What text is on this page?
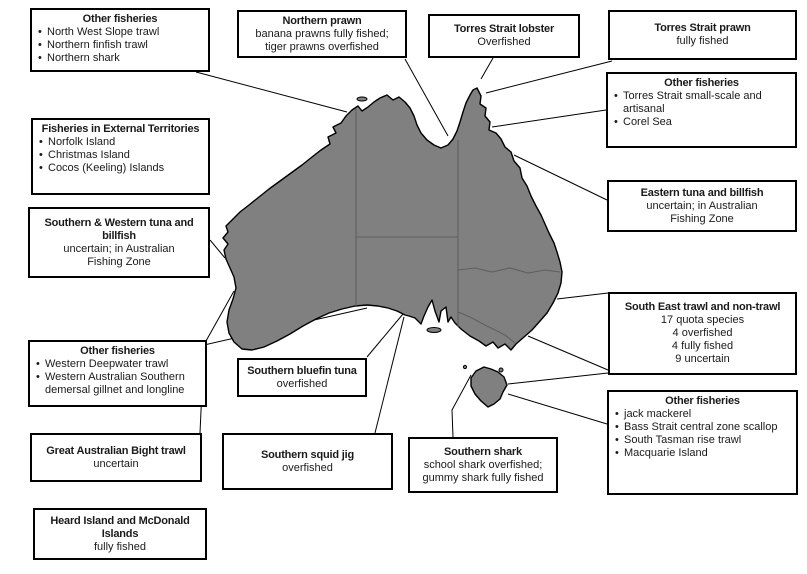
Other fisheries
• North West Slope trawl
• Northern finfish trawl
• Northern shark
Northern prawn
banana prawns fully fished;
tiger prawns overfished
Torres Strait lobster
Overfished
Torres Strait prawn
fully fished
Other fisheries
• Torres Strait small-scale and artisanal
• Corel Sea
Fisheries in External Territories
• Norfolk Island
• Christmas Island
• Cocos (Keeling) Islands
Southern & Western tuna and billfish
uncertain; in Australian
Fishing Zone
Eastern tuna and billfish
uncertain; in Australian
Fishing Zone
South East trawl and non-trawl
17 quota species
4 overfished
4 fully fished
9 uncertain
Other fisheries
• Western Deepwater trawl
• Western Australian Southern demersal gillnet and longline
Southern bluefin tuna
overfished
Great Australian Bight trawl
uncertain
Southern squid jig
overfished
Southern shark
school shark overfished;
gummy shark fully fished
Other fisheries
• jack mackerel
• Bass Strait central zone scallop
• South Tasman rise trawl
• Macquarie Island
Heard Island and McDonald Islands
fully fished
